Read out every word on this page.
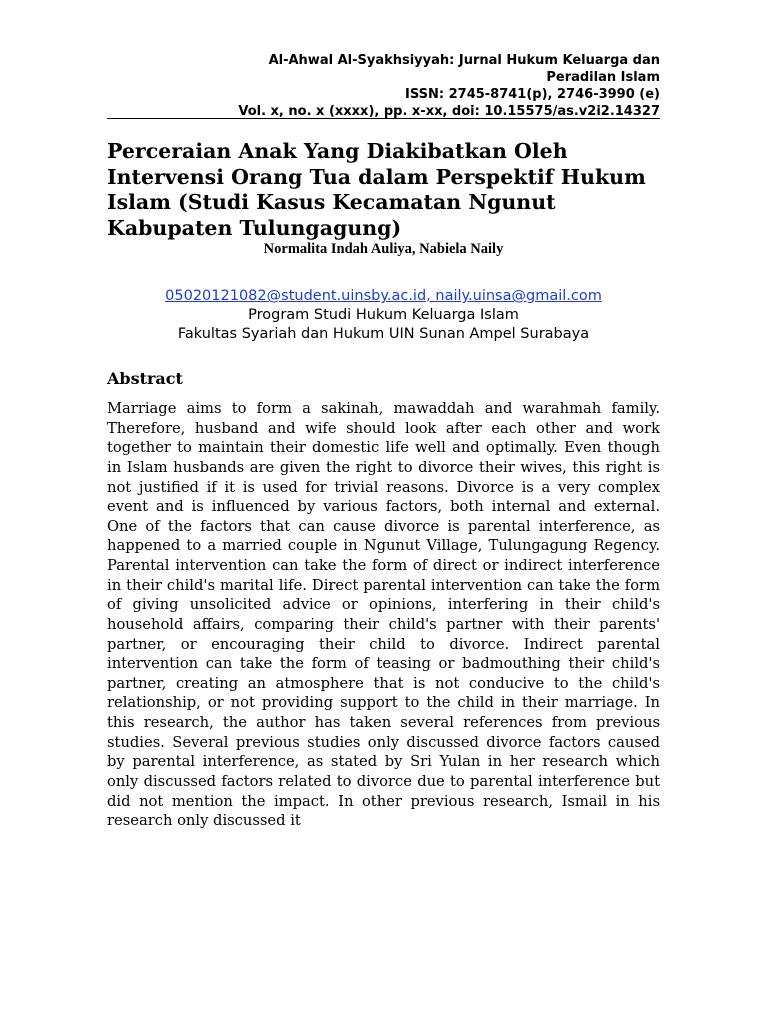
Al-Ahwal Al-Syakhsiyyah: Jurnal Hukum Keluarga dan
Peradilan Islam
ISSN: 2745-8741(p), 2746-3990 (e)
Vol. x, no. x (xxxx), pp. x-xx, doi: 10.15575/as.v2i2.14327
Perceraian Anak Yang Diakibatkan Oleh Intervensi Orang Tua dalam Perspektif Hukum Islam (Studi Kasus Kecamatan Ngunut Kabupaten Tulungagung)
Normalita Indah Auliya, Nabiela Naily
05020121082@student.uinsby.ac.id, naily.uinsa@gmail.com
Program Studi Hukum Keluarga Islam
Fakultas Syariah dan Hukum UIN Sunan Ampel Surabaya
Abstract

Marriage aims to form a sakinah, mawaddah and warahmah family. Therefore, husband and wife should look after each other and work together to maintain their domestic life well and optimally. Even though in Islam husbands are given the right to divorce their wives, this right is not justified if it is used for trivial reasons. Divorce is a very complex event and is influenced by various factors, both internal and external. One of the factors that can cause divorce is parental interference, as happened to a married couple in Ngunut Village, Tulungagung Regency. Parental intervention can take the form of direct or indirect interference in their child's marital life. Direct parental intervention can take the form of giving unsolicited advice or opinions, interfering in their child's household affairs, comparing their child's partner with their parents' partner, or encouraging their child to divorce. Indirect parental intervention can take the form of teasing or badmouthing their child's partner, creating an atmosphere that is not conducive to the child's relationship, or not providing support to the child in their marriage. In this research, the author has taken several references from previous studies. Several previous studies only discussed divorce factors caused by parental interference, as stated by Sri Yulan in her research which only discussed factors related to divorce due to parental interference but did not mention the impact. In other previous research, Ismail in his research only discussed it
